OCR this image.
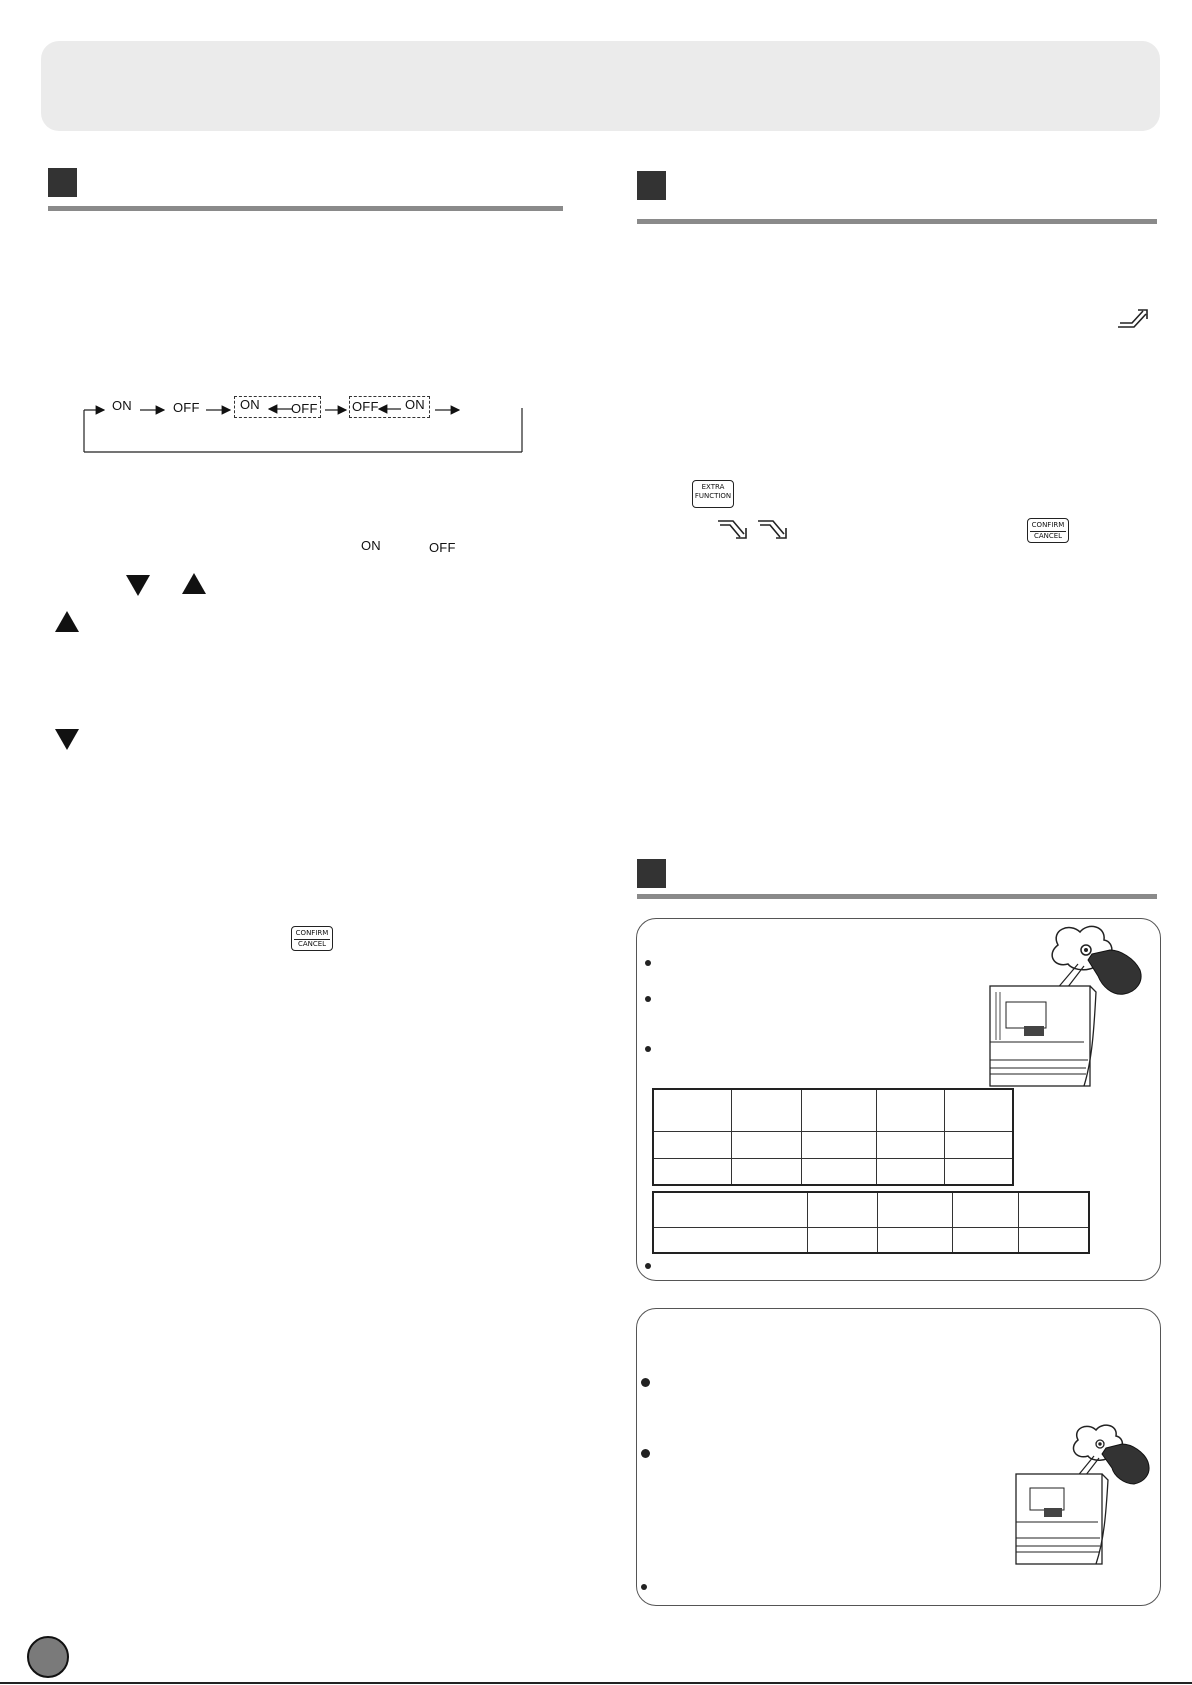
ON	OFF	ON OFF	OFF ON
ON	OFF
CONFIRM
CANCEL
EXTRA
FUNCTION
CONFIRM
CANCEL
